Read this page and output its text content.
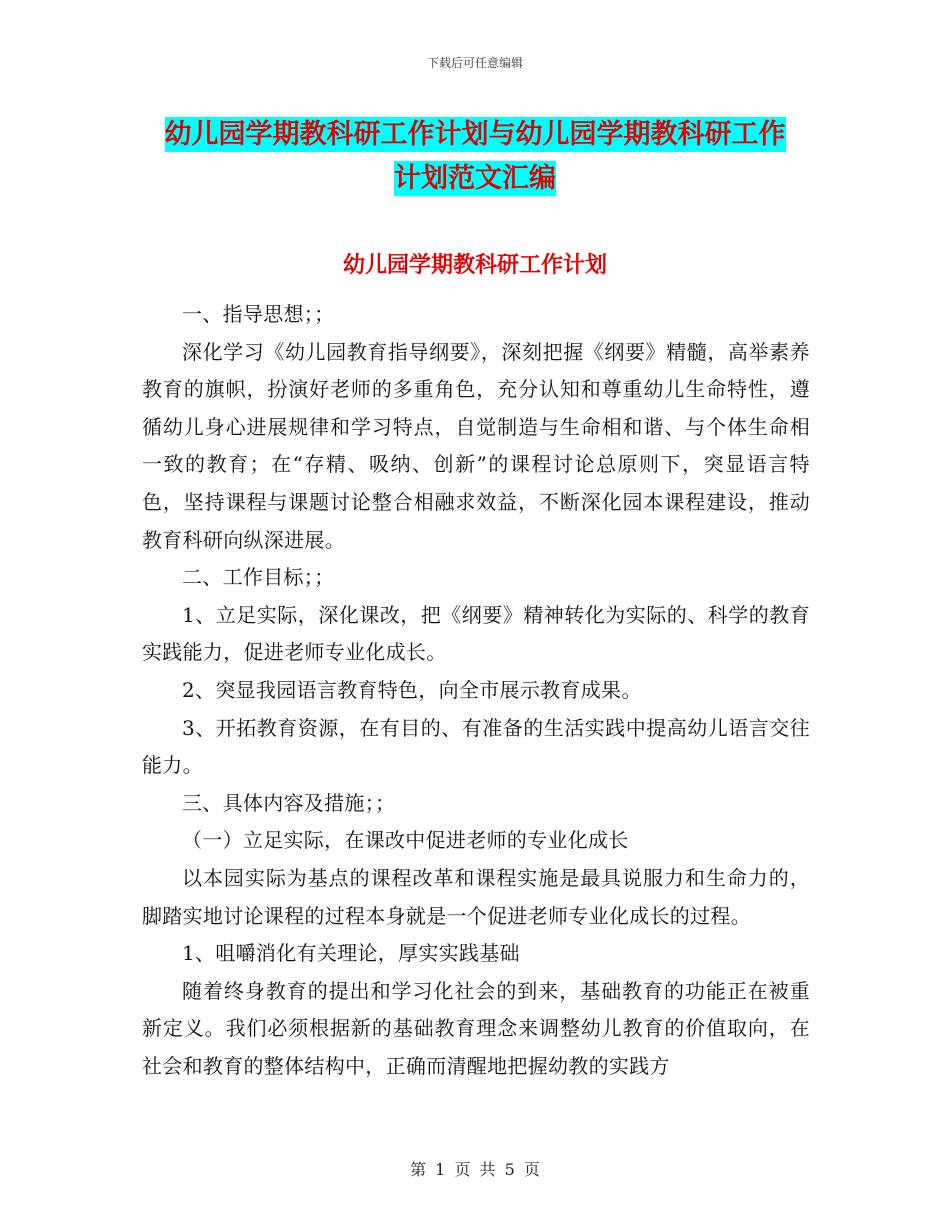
下载后可任意编辑
幼儿园学期教科研工作计划与幼儿园学期教科研工作
计划范文汇编
幼儿园学期教科研工作计划

一、指导思想；；

深化学习《幼儿园教育指导纲要》，深刻把握《纲要》精髓，高举素养教育的旗帜，扮演好老师的多重角色，充分认知和尊重幼儿生命特性，遵循幼儿身心进展规律和学习特点，自觉制造与生命相和谐、与个体生命相一致的教育；在“存精、吸纳、创新”的课程讨论总原则下，突显语言特色，坚持课程与课题讨论整合相融求效益，不断深化园本课程建设，推动教育科研向纵深进展。

二、工作目标；；

1、立足实际，深化课改，把《纲要》精神转化为实际的、科学的教育实践能力，促进老师专业化成长。

2、突显我园语言教育特色，向全市展示教育成果。

3、开拓教育资源，在有目的、有准备的生活实践中提高幼儿语言交往能力。

三、具体内容及措施；；

（一）立足实际，在课改中促进老师的专业化成长

以本园实际为基点的课程改革和课程实施是最具说服力和生命力的，脚踏实地讨论课程的过程本身就是一个促进老师专业化成长的过程。

1、咀嚼消化有关理论，厚实实践基础

随着终身教育的提出和学习化社会的到来，基础教育的功能正在被重新定义。我们必须根据新的基础教育理念来调整幼儿教育的价值取向，在社会和教育的整体结构中，正确而清醒地把握幼教的实践方

第 1 页 共 5 页
